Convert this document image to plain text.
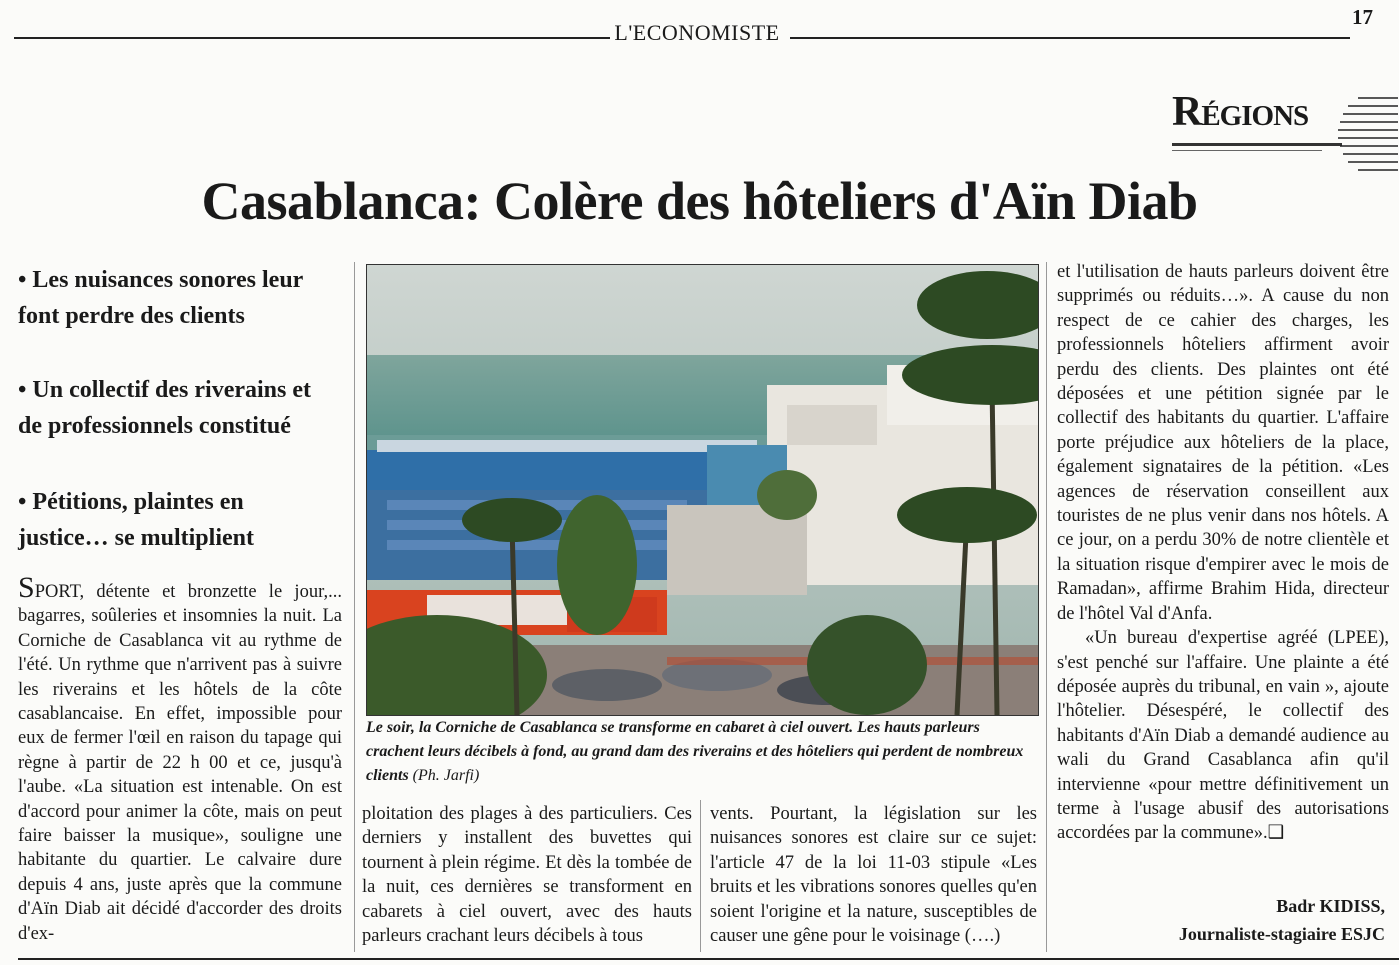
L'ECONOMISTE
17
Régions
Casablanca: Colère des hôteliers d'Aïn Diab
• Les nuisances sonores leur font perdre des clients
• Un collectif des riverains et de professionnels constitué
• Pétitions, plaintes en justice… se multiplient
SPORT, détente et bronzette le jour,... bagarres, soûleries et insomnies la nuit. La Corniche de Casablanca vit au rythme de l'été. Un rythme que n'arrivent pas à suivre les riverains et les hôtels de la côte casablancaise. En effet, impossible pour eux de fermer l'œil en raison du tapage qui règne à partir de 22 h 00 et ce, jusqu'à l'aube. «La situation est intenable. On est d'accord pour animer la côte, mais on peut faire baisser la musique», souligne une habitante du quartier. Le calvaire dure depuis 4 ans, juste après que la commune d'Aïn Diab ait décidé d'accorder des droits d'ex-
Le soir, la Corniche de Casablanca se transforme en cabaret à ciel ouvert. Les hauts parleurs crachent leurs décibels à fond, au grand dam des riverains et des hôteliers qui perdent de nombreux clients (Ph. Jarfi)
ploitation des plages à des particuliers. Ces derniers y installent des buvettes qui tournent à plein régime. Et dès la tombée de la nuit, ces dernières se transforment en cabarets à ciel ouvert, avec des hauts parleurs crachant leurs décibels à tous
vents. Pourtant, la législation sur les nuisances sonores est claire sur ce sujet: l'article 47 de la loi 11-03 stipule «Les bruits et les vibrations sonores quelles qu'en soient l'origine et la nature, susceptibles de causer une gêne pour le voisinage (….)
et l'utilisation de hauts parleurs doivent être supprimés ou réduits…». A cause du non respect de ce cahier des charges, les professionnels hôteliers affirment avoir perdu des clients. Des plaintes ont été déposées et une pétition signée par le collectif des habitants du quartier. L'affaire porte préjudice aux hôteliers de la place, également signataires de la pétition. «Les agences de réservation conseillent aux touristes de ne plus venir dans nos hôtels. A ce jour, on a perdu 30% de notre clientèle et la situation risque d'empirer avec le mois de Ramadan», affirme Brahim Hida, directeur de l'hôtel Val d'Anfa.
«Un bureau d'expertise agréé (LPEE), s'est penché sur l'affaire. Une plainte a été déposée auprès du tribunal, en vain », ajoute l'hôtelier. Désespéré, le collectif des habitants d'Aïn Diab a demandé audience au wali du Grand Casablanca afin qu'il intervienne «pour mettre définitivement un terme à l'usage abusif des autorisations accordées par la commune».❑
Badr KIDISS,
Journaliste-stagiaire ESJC
